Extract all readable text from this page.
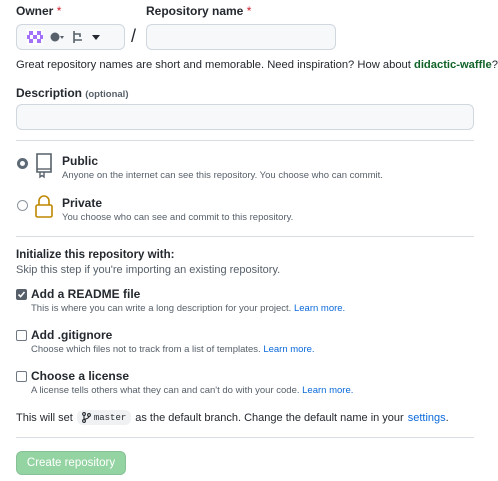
Owner *	Repository name *
/
Great repository names are short and memorable. Need inspiration? How about didactic-waffle?
Description (optional)
Public
Anyone on the internet can see this repository. You choose who can commit.
Private
You choose who can see and commit to this repository.
Initialize this repository with:
Skip this step if you're importing an existing repository.
Add a README file
This is where you can write a long description for your project. Learn more.
Add .gitignore
Choose which files not to track from a list of templates. Learn more.
Choose a license
A license tells others what they can and can't do with your code. Learn more.
This will set master as the default branch. Change the default name in your settings .
Create repository
